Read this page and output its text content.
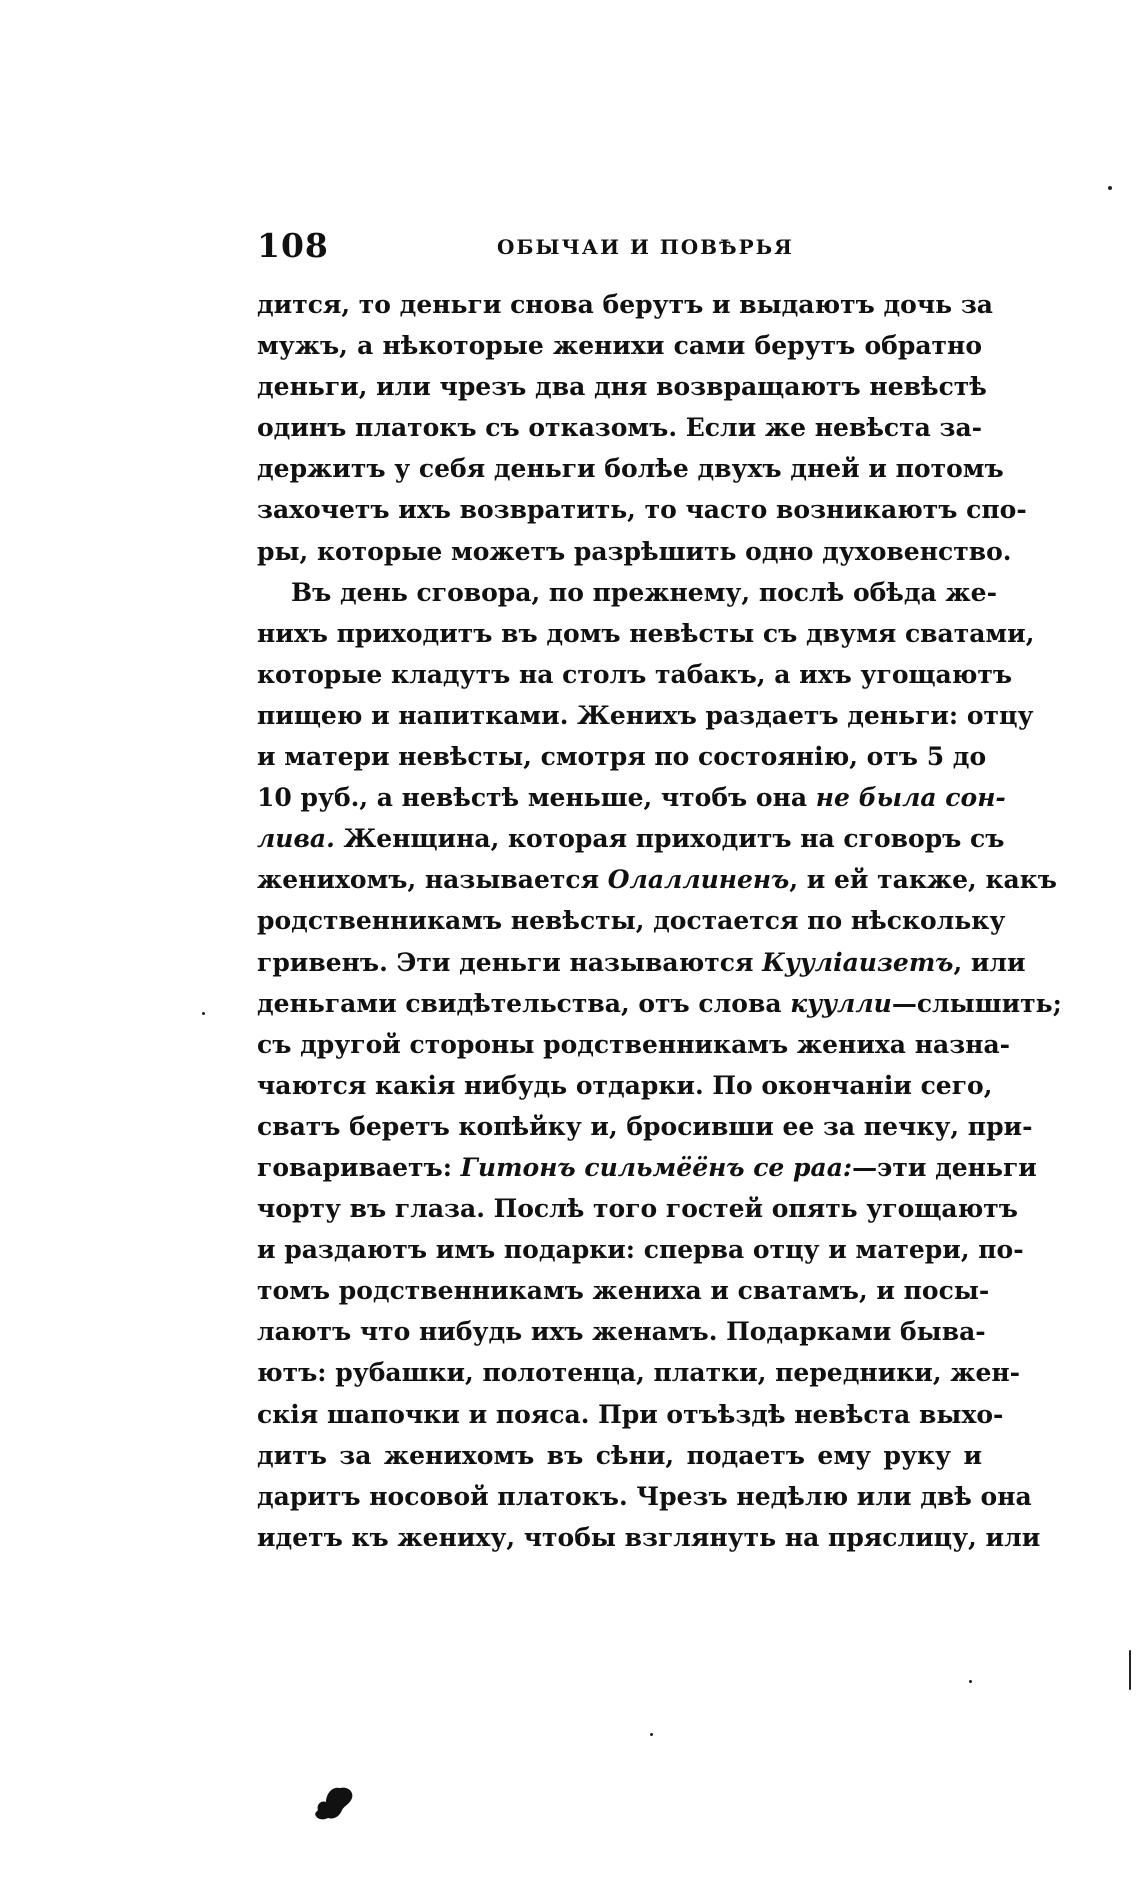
108	ОБЫЧАИ И ПОВѢРЬЯ
дится, то деньги снова берутъ и выдаютъ дочь за
мужъ, а нѣкоторые женихи сами берутъ обратно
деньги, или чрезъ два дня возвращаютъ невѣстѣ
одинъ платокъ съ отказомъ. Если же невѣста за-
держитъ у себя деньги болѣе двухъ дней и потомъ
захочетъ ихъ возвратить, то часто возникаютъ спо-
ры, которые можетъ разрѣшить одно духовенство.
Въ день сговора, по прежнему, послѣ обѣда же-
нихъ приходитъ въ домъ невѣсты съ двумя сватами,
которые кладутъ на столъ табакъ, а ихъ угощаютъ
пищею и напитками. Женихъ раздаетъ деньги: отцу
и матери невѣсты, смотря по состоянію, отъ 5 до
10 руб., а невѣстѣ меньше, чтобъ она не была сон-
лива. Женщина, которая приходитъ на сговоръ съ
женихомъ, называется Олаллиненъ, и ей также, какъ
родственникамъ невѣсты, достается по нѣскольку
гривенъ. Эти деньги называются Кууліаизетъ, или
деньгами свидѣтельства, отъ слова куулли—слышить;
съ другой стороны родственникамъ жениха назна-
чаются какія нибудь отдарки. По окончаніи сего,
сватъ беретъ копѣйку и, бросивши ее за печку, при-
говариваетъ: Гитонъ сильмёёнъ се раа:—эти деньги
чорту въ глаза. Послѣ того гостей опять угощаютъ
и раздаютъ имъ подарки: сперва отцу и матери, по-
томъ родственникамъ жениха и сватамъ, и посы-
лаютъ что нибудь ихъ женамъ. Подарками быва-
ютъ: рубашки, полотенца, платки, передники, жен-
скія шапочки и пояса. При отъѣздѣ невѣста выхо-
дитъ за женихомъ въ сѣни, подаетъ ему руку и
даритъ носовой платокъ. Чрезъ недѣлю или двѣ она
идетъ къ жениху, чтобы взглянуть на пряслицу, или
